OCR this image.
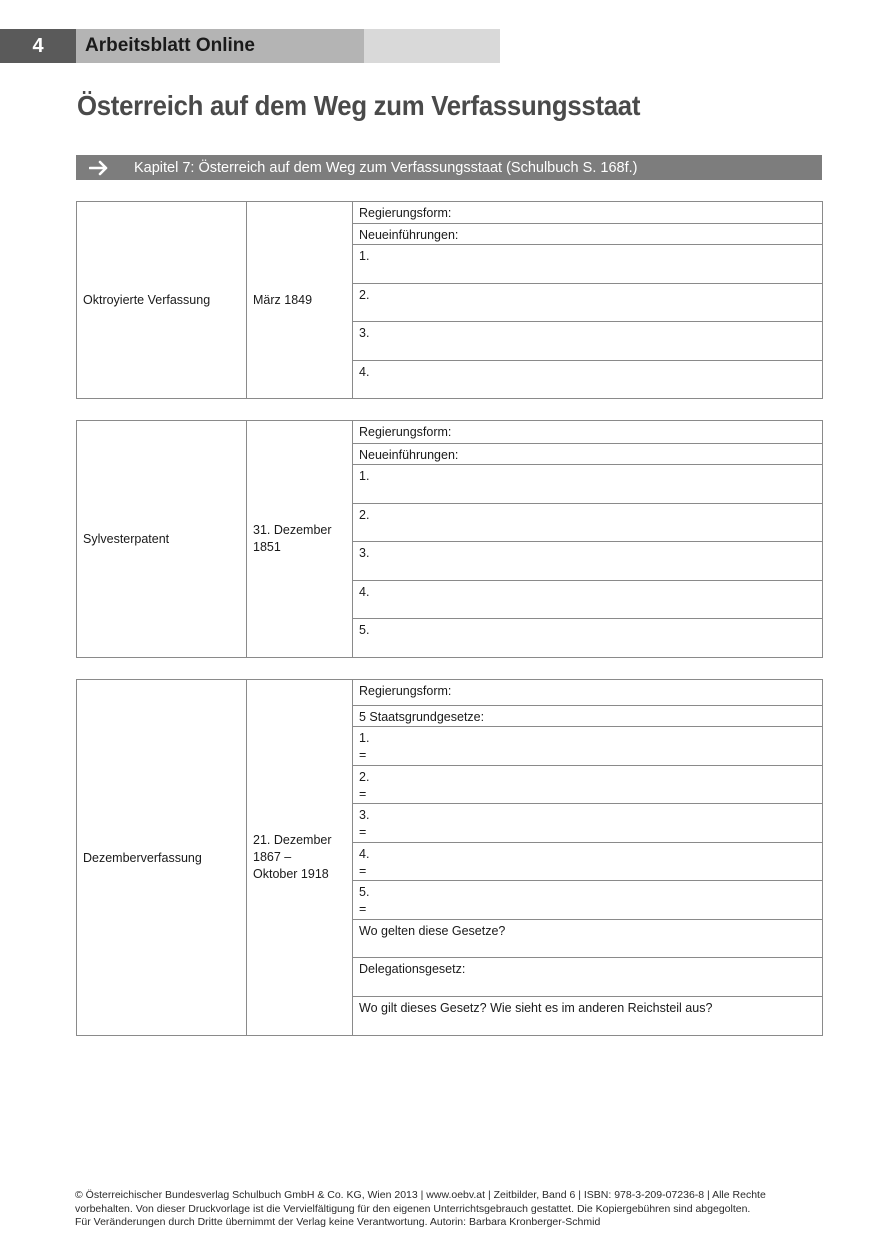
4	Arbeitsblatt Online
Österreich auf dem Weg zum Verfassungsstaat
Kapitel 7: Österreich auf dem Weg zum Verfassungsstaat (Schulbuch S. 168f.)
Oktroyierte Verfassung	März 1849
Regierungsform:
Neueinführungen:
1.
2.
3.
4.
Sylvesterpatent
31. Dezember
1851
Regierungsform:
Neueinführungen:
1.
2.
3.
4.
5.
Dezemberverfassung
21. Dezember
1867 –
Oktober 1918
Regierungsform:
5 Staatsgrundgesetze:
1.
=
2.
=
3.
=
4.
=
5.
=
Wo gelten diese Gesetze?
Delegationsgesetz:
Wo gilt dieses Gesetz? Wie sieht es im anderen Reichsteil aus?
© Österreichischer Bundesverlag Schulbuch GmbH & Co. KG, Wien 2013 | www.oebv.at | Zeitbilder, Band 6 | ISBN: 978-3-209-07236-8 | Alle Rechte
vorbehalten. Von dieser Druckvorlage ist die Vervielfältigung für den eigenen Unterrichtsgebrauch gestattet. Die Kopiergebühren sind abgegolten.
Für Veränderungen durch Dritte übernimmt der Verlag keine Verantwortung. Autorin: Barbara Kronberger-Schmid
